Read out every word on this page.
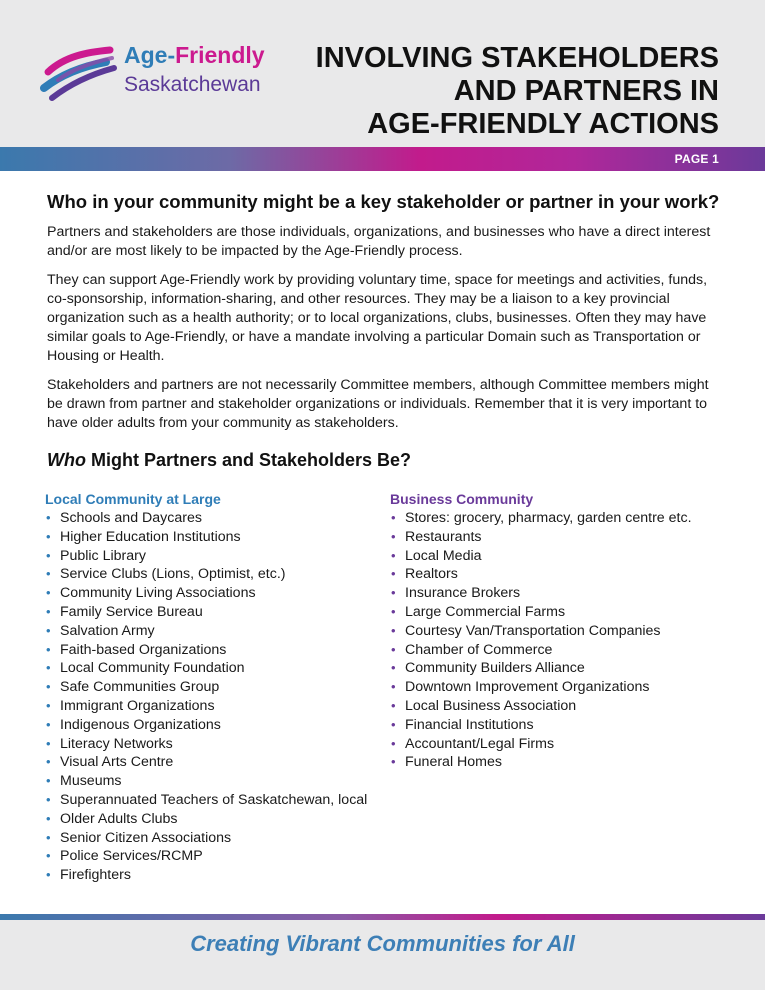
Age-Friendly
Saskatchewan
INVOLVING STAKEHOLDERS
AND PARTNERS IN
AGE-FRIENDLY ACTIONS
PAGE 1
Who in your community might be a key stakeholder or partner in your work?

Partners and stakeholders are those individuals, organizations, and businesses who have a direct interest and/or are most likely to be impacted by the Age-Friendly process.

They can support Age-Friendly work by providing voluntary time, space for meetings and activities, funds, co-sponsorship, information-sharing, and other resources. They may be a liaison to a key provincial organization such as a health authority; or to local organizations, clubs, businesses. Often they may have similar goals to Age-Friendly, or have a mandate involving a particular Domain such as Transportation or Housing or Health.

Stakeholders and partners are not necessarily Committee members, although Committee members might be drawn from partner and stakeholder organizations or individuals. Remember that it is very important to have older adults from your community as stakeholders.

Who Might Partners and Stakeholders Be?
Local Community at Large
• Schools and Daycares
• Higher Education Institutions
• Public Library
• Service Clubs (Lions, Optimist, etc.)
• Community Living Associations
• Family Service Bureau
• Salvation Army
• Faith-based Organizations
• Local Community Foundation
• Safe Communities Group
• Immigrant Organizations
• Indigenous Organizations
• Literacy Networks
• Visual Arts Centre
• Museums
• Superannuated Teachers of Saskatchewan, local
• Older Adults Clubs
• Senior Citizen Associations
• Police Services/RCMP
• Firefighters
Business Community
• Stores: grocery, pharmacy, garden centre etc.
• Restaurants
• Local Media
• Realtors
• Insurance Brokers
• Large Commercial Farms
• Courtesy Van/Transportation Companies
• Chamber of Commerce
• Community Builders Alliance
• Downtown Improvement Organizations
• Local Business Association
• Financial Institutions
• Accountant/Legal Firms
• Funeral Homes
Creating Vibrant Communities for All
